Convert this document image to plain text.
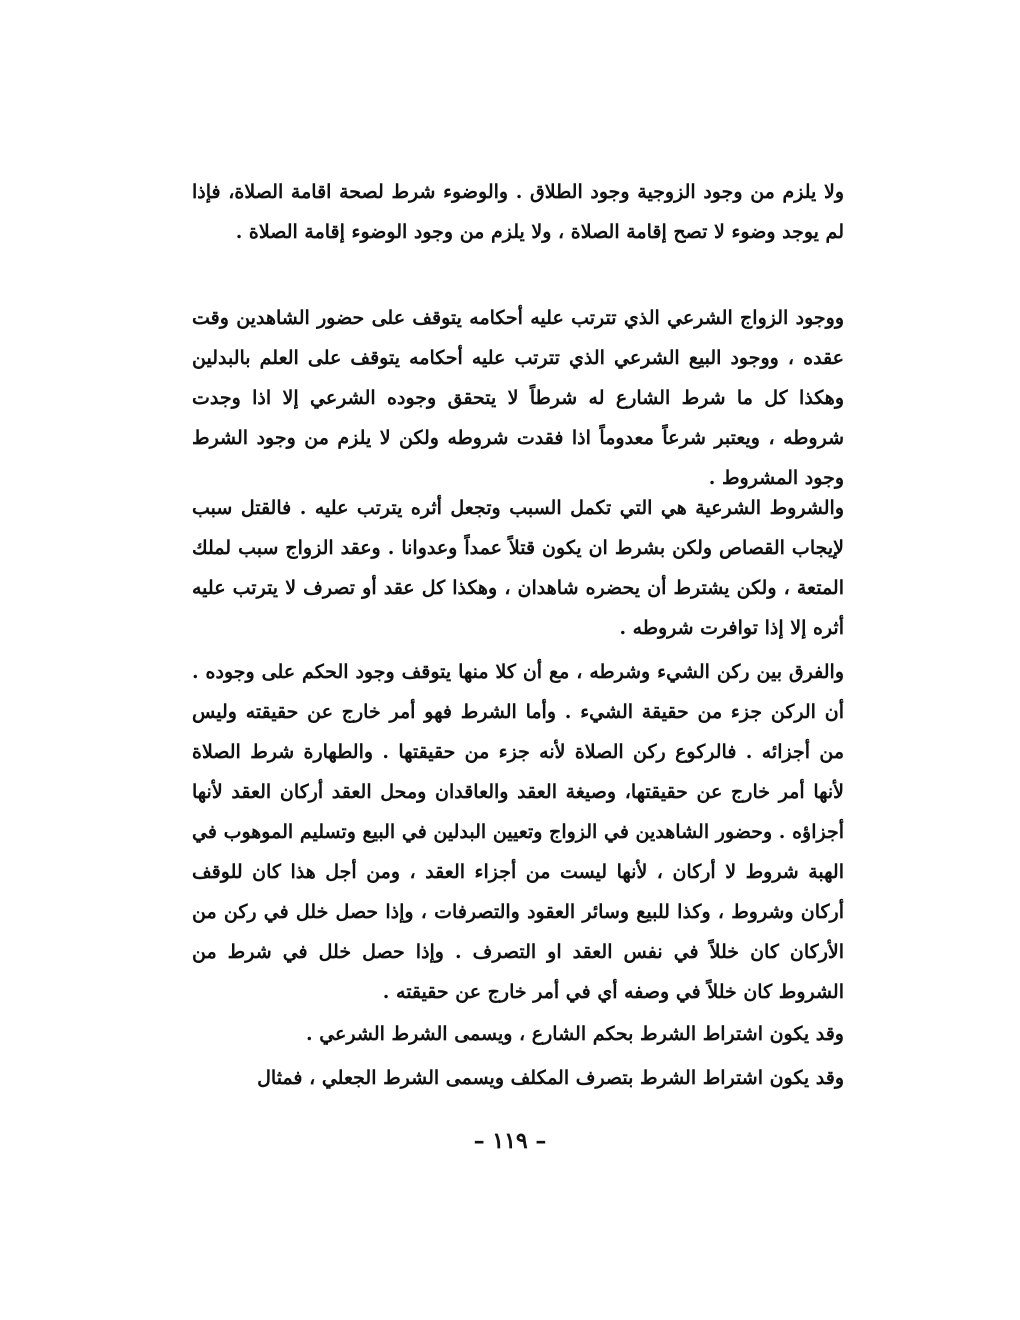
ولا يلزم من وجود الزوجية وجود الطلاق . والوضوء شرط لصحة اقامة الصلاة، فإذا لم يوجد وضوء لا تصح إقامة الصلاة ، ولا يلزم من وجود الوضوء إقامة الصلاة .

ووجود الزواج الشرعي الذي تترتب عليه أحكامه يتوقف على حضور الشاهدين وقت عقده ، ووجود البيع الشرعي الذي تترتب عليه أحكامه يتوقف على العلم بالبدلين وهكذا كل ما شرط الشارع له شرطاً لا يتحقق وجوده الشرعي إلا اذا وجدت شروطه ، ويعتبر شرعاً معدوماً اذا فقدت شروطه ولكن لا يلزم من وجود الشرط وجود المشروط .

والشروط الشرعية هي التي تكمل السبب وتجعل أثره يترتب عليه . فالقتل سبب لإيجاب القصاص ولكن بشرط ان يكون قتلاً عمداً وعدوانا . وعقد الزواج سبب لملك المتعة ، ولكن يشترط أن يحضره شاهدان ، وهكذا كل عقد أو تصرف لا يترتب عليه أثره إلا إذا توافرت شروطه .

والفرق بين ركن الشيء وشرطه ، مع أن كلا منها يتوقف وجود الحكم على وجوده . أن الركن جزء من حقيقة الشيء . وأما الشرط فهو أمر خارج عن حقيقته وليس من أجزائه . فالركوع ركن الصلاة لأنه جزء من حقيقتها . والطهارة شرط الصلاة لأنها أمر خارج عن حقيقتها، وصيغة العقد والعاقدان ومحل العقد أركان العقد لأنها أجزاؤه . وحضور الشاهدين في الزواج وتعيين البدلين في البيع وتسليم الموهوب في الهبة شروط لا أركان ، لأنها ليست من أجزاء العقد ، ومن أجل هذا كان للوقف أركان وشروط ، وكذا للبيع وسائر العقود والتصرفات ، وإذا حصل خلل في ركن من الأركان كان خللاً في نفس العقد او التصرف . وإذا حصل خلل في شرط من الشروط كان خللاً في وصفه أي في أمر خارج عن حقيقته .

وقد يكون اشتراط الشرط بحكم الشارع ، ويسمى الشرط الشرعي .

وقد يكون اشتراط الشرط بتصرف المكلف ويسمى الشرط الجعلي ، فمثال

– ١١٩ –
